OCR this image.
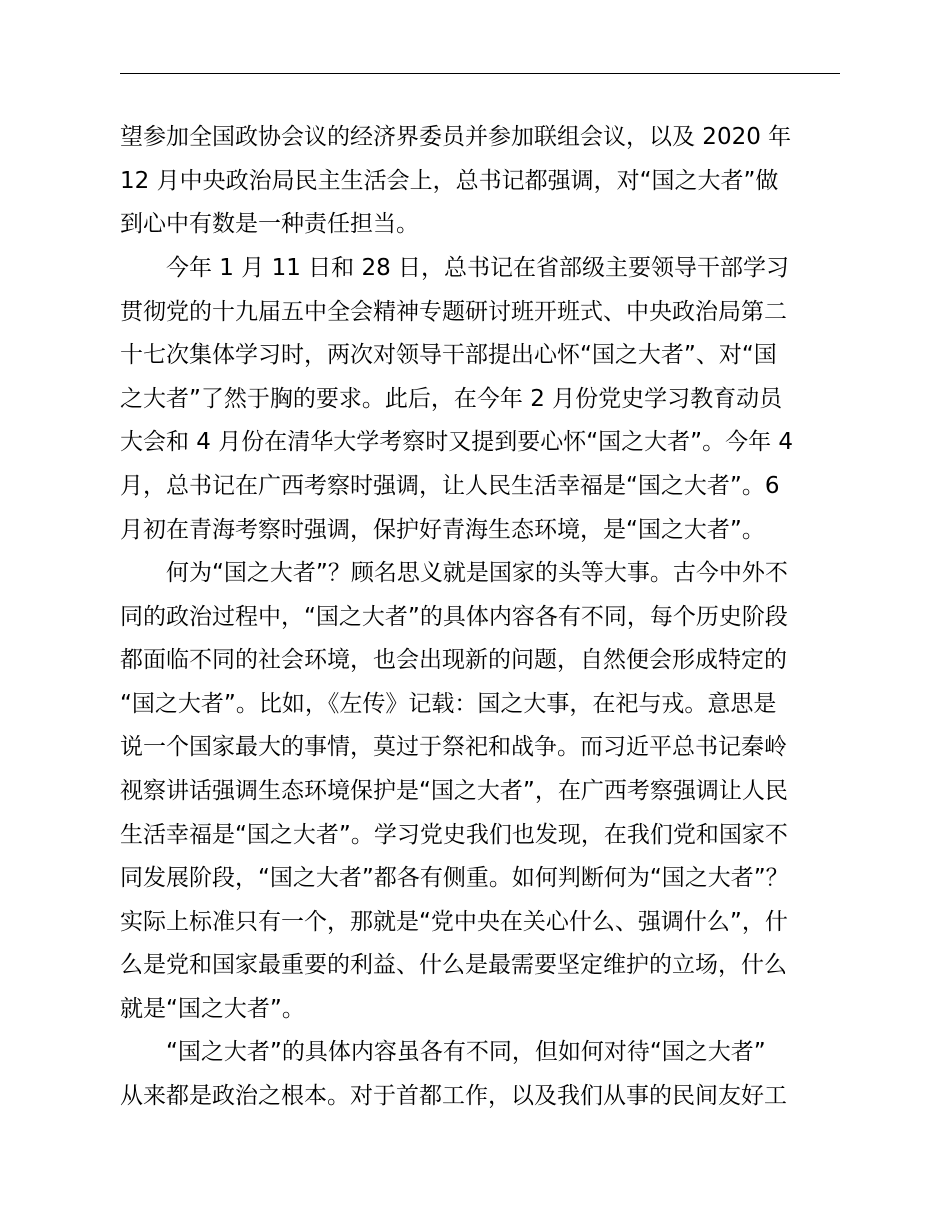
望参加全国政协会议的经济界委员并参加联组会议，以及 2020 年
12 月中央政治局民主生活会上，总书记都强调，对“国之大者”做
到心中有数是一种责任担当。
今年 1 月 11 日和 28 日，总书记在省部级主要领导干部学习
贯彻党的十九届五中全会精神专题研讨班开班式、中央政治局第二
十七次集体学习时，两次对领导干部提出心怀“国之大者”、对“国
之大者”了然于胸的要求。此后，在今年 2 月份党史学习教育动员
大会和 4 月份在清华大学考察时又提到要心怀“国之大者”。今年 4
月，总书记在广西考察时强调，让人民生活幸福是“国之大者”。6
月初在青海考察时强调，保护好青海生态环境，是“国之大者”。
何为“国之大者”？顾名思义就是国家的头等大事。古今中外不
同的政治过程中，“国之大者”的具体内容各有不同，每个历史阶段
都面临不同的社会环境，也会出现新的问题，自然便会形成特定的
“国之大者”。比如，《左传》记载：国之大事，在祀与戎。意思是
说一个国家最大的事情，莫过于祭祀和战争。而习近平总书记秦岭
视察讲话强调生态环境保护是“国之大者”，在广西考察强调让人民
生活幸福是“国之大者”。学习党史我们也发现，在我们党和国家不
同发展阶段，“国之大者”都各有侧重。如何判断何为“国之大者”？
实际上标准只有一个，那就是“党中央在关心什么、强调什么”，什
么是党和国家最重要的利益、什么是最需要坚定维护的立场，什么
就是“国之大者”。
“国之大者”的具体内容虽各有不同，但如何对待“国之大者”
从来都是政治之根本。对于首都工作，以及我们从事的民间友好工
